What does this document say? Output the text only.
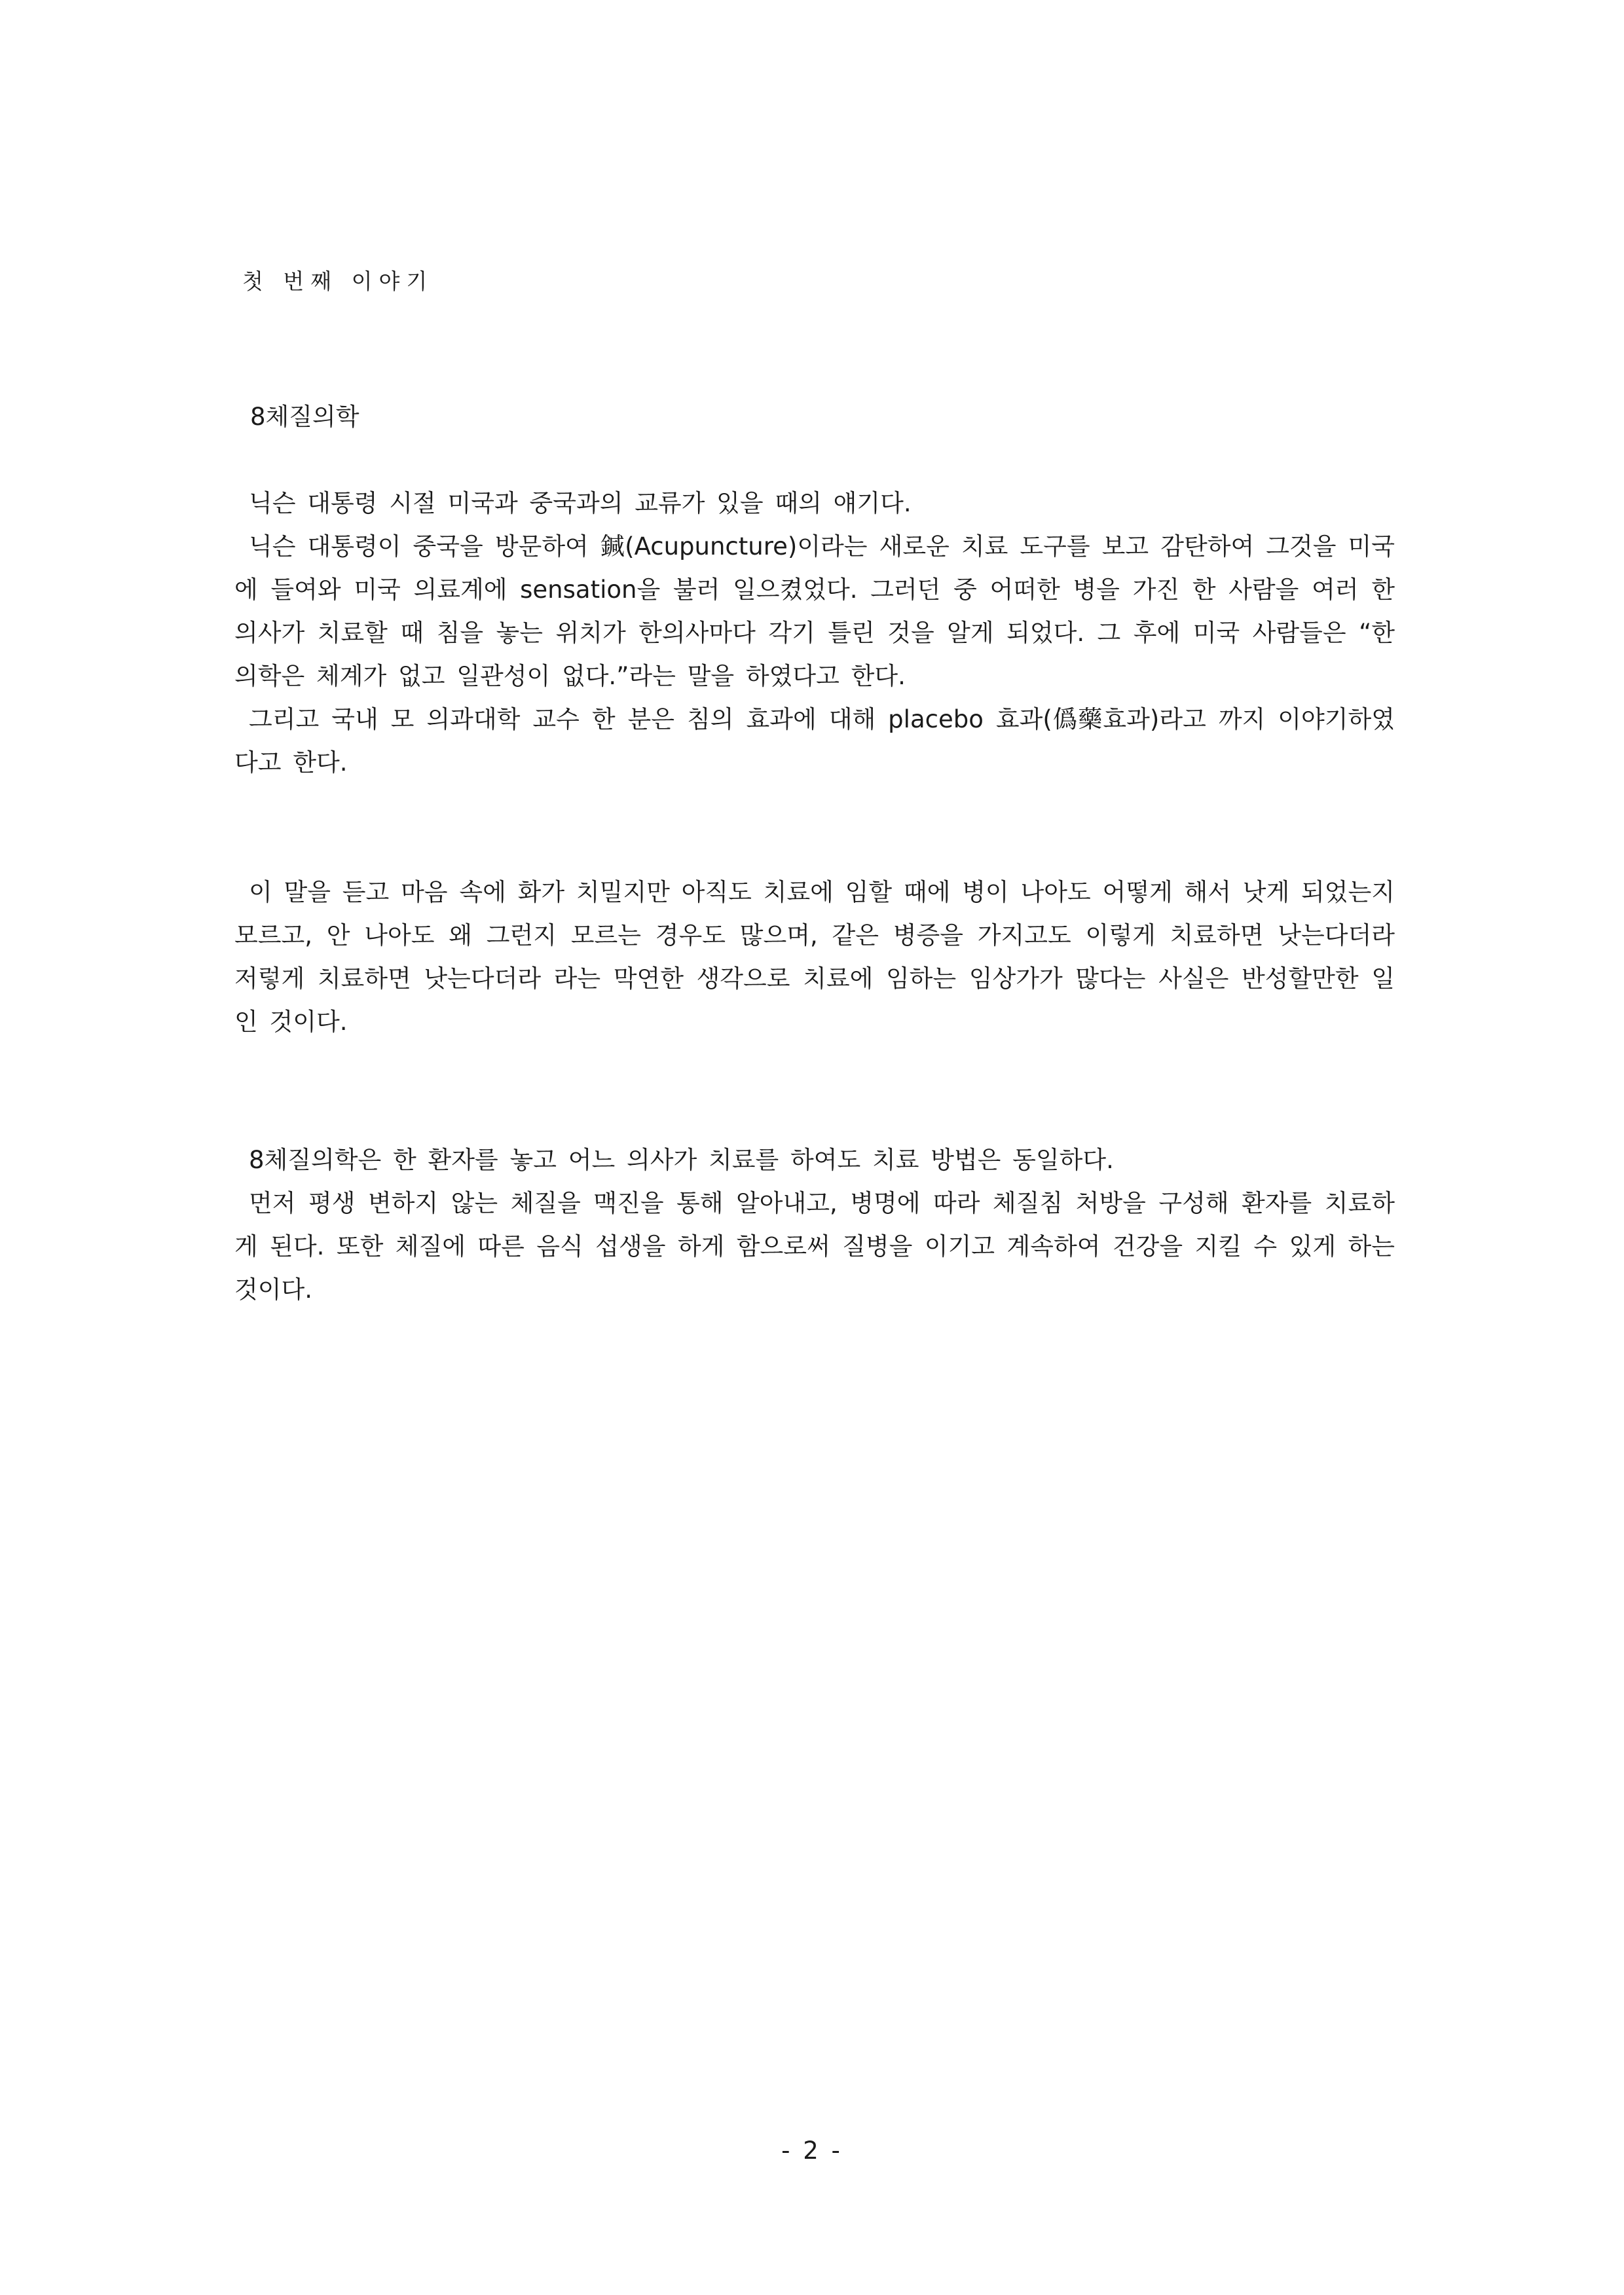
첫 번째 이야기
8체질의학

닉슨 대통령 시절 미국과 중국과의 교류가 있을 때의 얘기다.

닉슨 대통령이 중국을 방문하여 鍼(Acupuncture)이라는 새로운 치료 도구를 보고 감탄하여 그것을 미국에 들여와 미국 의료계에 sensation을 불러 일으켰었다. 그러던 중 어떠한 병을 가진 한 사람을 여러 한의사가 치료할 때 침을 놓는 위치가 한의사마다 각기 틀린 것을 알게 되었다. 그 후에 미국 사람들은 “한의학은 체계가 없고 일관성이 없다.”라는 말을 하였다고 한다.

그리고 국내 모 의과대학 교수 한 분은 침의 효과에 대해 placebo 효과(僞藥효과)라고 까지 이야기하였다고 한다.

이 말을 듣고 마음 속에 화가 치밀지만 아직도 치료에 임할 때에 병이 나아도 어떻게 해서 낫게 되었는지 모르고, 안 나아도 왜 그런지 모르는 경우도 많으며, 같은 병증을 가지고도 이렇게 치료하면 낫는다더라 저렇게 치료하면 낫는다더라 라는 막연한 생각으로 치료에 임하는 임상가가 많다는 사실은 반성할만한 일인 것이다.

8체질의학은 한 환자를 놓고 어느 의사가 치료를 하여도 치료 방법은 동일하다.

먼저 평생 변하지 않는 체질을 맥진을 통해 알아내고, 병명에 따라 체질침 처방을 구성해 환자를 치료하게 된다. 또한 체질에 따른 음식 섭생을 하게 함으로써 질병을 이기고 계속하여 건강을 지킬 수 있게 하는 것이다.

- 2 -
